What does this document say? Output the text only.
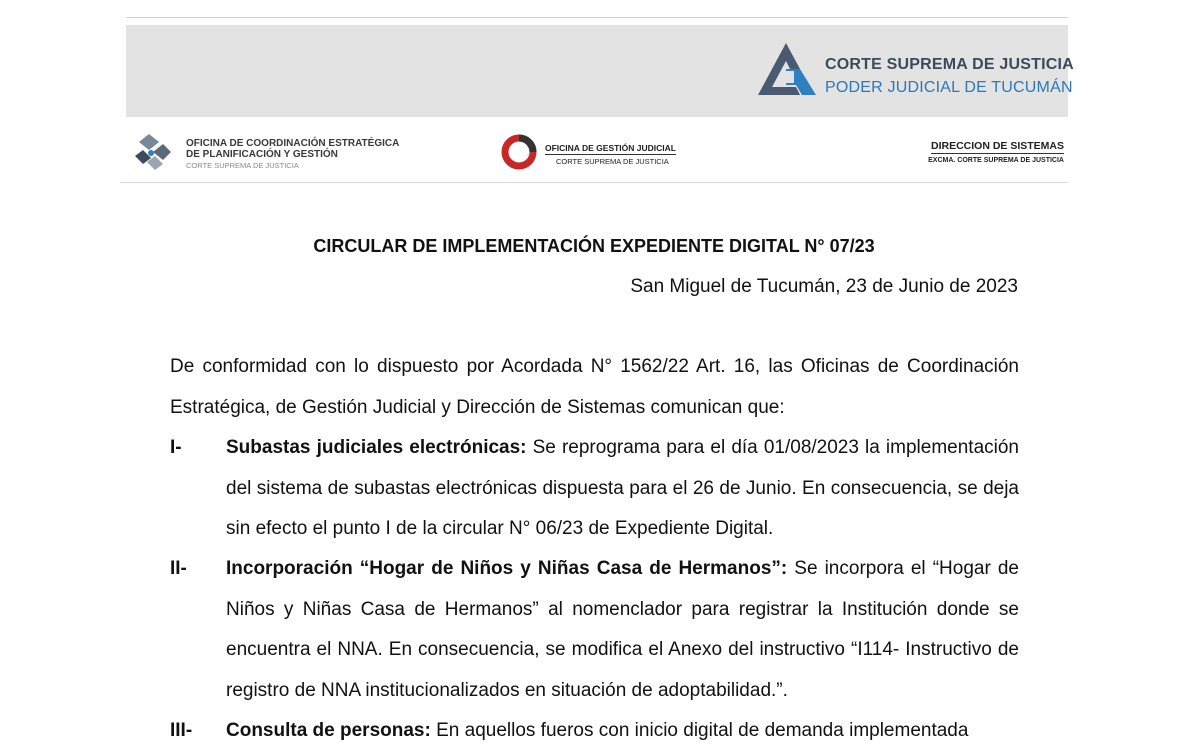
CORTE SUPREMA DE JUSTICIA
PODER JUDICIAL DE TUCUMÁN
OFICINA DE COORDINACIÓN ESTRATÉGICA
DE PLANIFICACIÓN Y GESTIÓN
CORTE SUPREMA DE JUSTICIA
OFICINA DE GESTIÓN JUDICIAL
CORTE SUPREMA DE JUSTICIA
DIRECCION DE SISTEMAS
EXCMA. CORTE SUPREMA DE JUSTICIA
CIRCULAR DE IMPLEMENTACIÓN EXPEDIENTE DIGITAL N° 07/23
San Miguel de Tucumán, 23 de Junio de 2023
De conformidad con lo dispuesto por Acordada N° 1562/22 Art. 16, las Oficinas de Coordinación Estratégica, de Gestión Judicial y Dirección de Sistemas comunican que:
I- Subastas judiciales electrónicas: Se reprograma para el día 01/08/2023 la implementación del sistema de subastas electrónicas dispuesta para el 26 de Junio. En consecuencia, se deja sin efecto el punto I de la circular N° 06/23 de Expediente Digital.
II- Incorporación “Hogar de Niños y Niñas Casa de Hermanos”: Se incorpora el “Hogar de Niños y Niñas Casa de Hermanos” al nomenclador para registrar la Institución donde se encuentra el NNA. En consecuencia, se modifica el Anexo del instructivo “I114- Instructivo de registro de NNA institucionalizados en situación de adoptabilidad.”.
III- Consulta de personas: En aquellos fueros con inicio digital de demanda implementada
